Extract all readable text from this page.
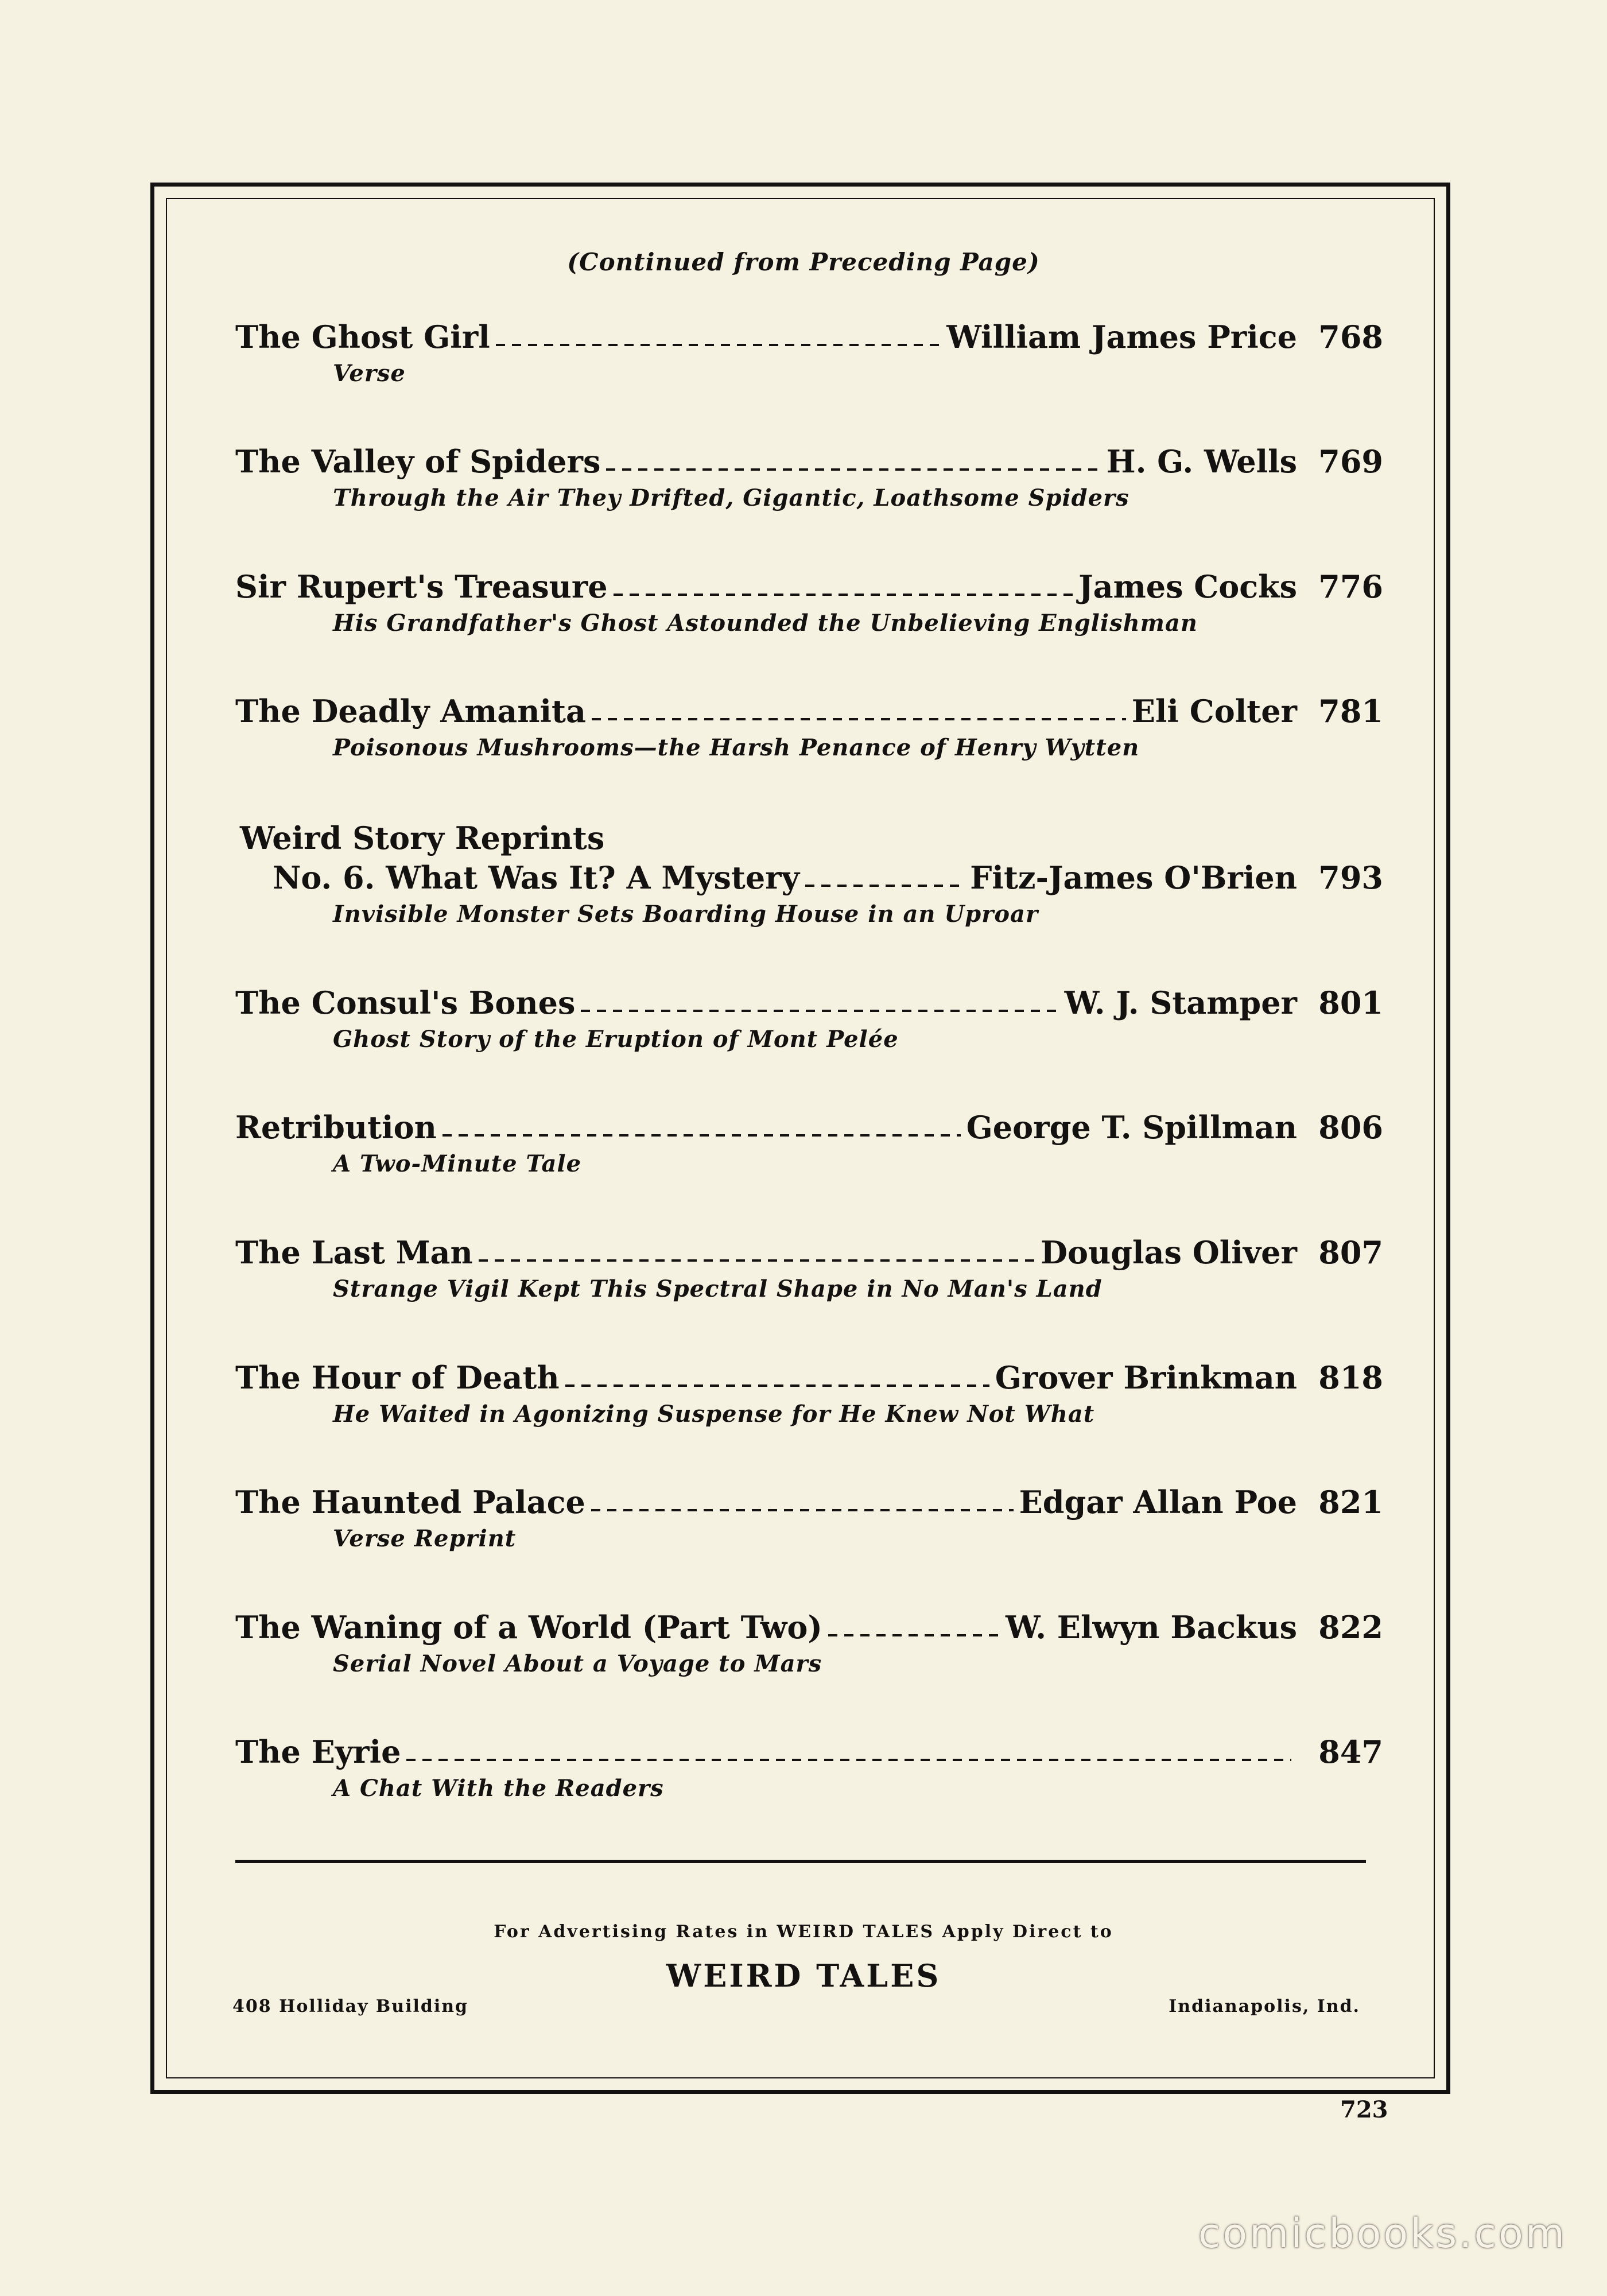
(Continued from Preceding Page)
The Ghost Girl	William James Price 768
Verse
The Valley of Spiders	H. G. Wells 769
Through the Air They Drifted, Gigantic, Loathsome Spiders
Sir Rupert's Treasure	James Cocks 776
His Grandfather's Ghost Astounded the Unbelieving Englishman
The Deadly Amanita	Eli Colter 781
Poisonous Mushrooms—the Harsh Penance of Henry Wytten
Weird Story Reprints
No. 6. What Was It? A Mystery	Fitz-James O'Brien 793
Invisible Monster Sets Boarding House in an Uproar
The Consul's Bones	W. J. Stamper 801
Ghost Story of the Eruption of Mont Pelée
Retribution	George T. Spillman 806
A Two-Minute Tale
The Last Man	Douglas Oliver 807
Strange Vigil Kept This Spectral Shape in No Man's Land
The Hour of Death	Grover Brinkman 818
He Waited in Agonizing Suspense for He Knew Not What
The Haunted Palace	Edgar Allan Poe 821
Verse Reprint
The Waning of a World (Part Two)	W. Elwyn Backus 822
Serial Novel About a Voyage to Mars
The Eyrie	847
A Chat With the Readers
For Advertising Rates in WEIRD TALES Apply Direct to
WEIRD TALES
408 Holliday Building	Indianapolis, Ind.
723
comicbooks.com
